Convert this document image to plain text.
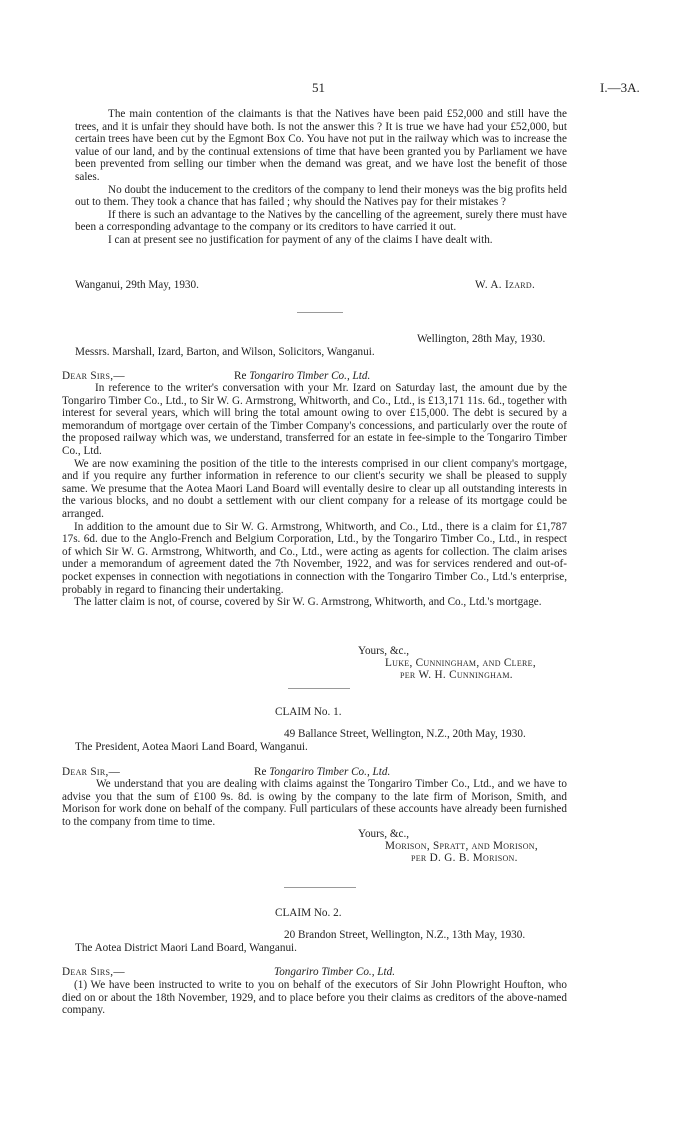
51	I.—3A.

The main contention of the claimants is that the Natives have been paid £52,000 and still have the trees, and it is unfair they should have both. Is not the answer this ? It is true we have had your £52,000, but certain trees have been cut by the Egmont Box Co. You have not put in the railway which was to increase the value of our land, and by the continual extensions of time that have been granted you by Parliament we have been prevented from selling our timber when the demand was great, and we have lost the benefit of those sales.

No doubt the inducement to the creditors of the company to lend their moneys was the big profits held out to them. They took a chance that has failed ; why should the Natives pay for their mistakes ?

If there is such an advantage to the Natives by the cancelling of the agreement, surely there must have been a corresponding advantage to the company or its creditors to have carried it out.

I can at present see no justification for payment of any of the claims I have dealt with.

Wanganui, 29th May, 1930.	W. A. Izard.
Wellington, 28th May, 1930.
Messrs. Marshall, Izard, Barton, and Wilson, Solicitors, Wanganui.
Dear Sirs,—	Re Tongariro Timber Co., Ltd.

In reference to the writer's conversation with your Mr. Izard on Saturday last, the amount due by the Tongariro Timber Co., Ltd., to Sir W. G. Armstrong, Whitworth, and Co., Ltd., is £13,171 11s. 6d., together with interest for several years, which will bring the total amount owing to over £15,000. The debt is secured by a memorandum of mortgage over certain of the Timber Company's concessions, and particularly over the route of the proposed railway which was, we understand, transferred for an estate in fee-simple to the Tongariro Timber Co., Ltd.

We are now examining the position of the title to the interests comprised in our client company's mortgage, and if you require any further information in reference to our client's security we shall be pleased to supply same. We presume that the Aotea Maori Land Board will eventally desire to clear up all outstanding interests in the various blocks, and no doubt a settlement with our client company for a release of its mortgage could be arranged.

In addition to the amount due to Sir W. G. Armstrong, Whitworth, and Co., Ltd., there is a claim for £1,787 17s. 6d. due to the Anglo-French and Belgium Corporation, Ltd., by the Tongariro Timber Co., Ltd., in respect of which Sir W. G. Armstrong, Whitworth, and Co., Ltd., were acting as agents for collection. The claim arises under a memorandum of agreement dated the 7th November, 1922, and was for services rendered and out-of-pocket expenses in connection with negotiations in connection with the Tongariro Timber Co., Ltd.'s enterprise, probably in regard to financing their undertaking.

The latter claim is not, of course, covered by Sir W. G. Armstrong, Whitworth, and Co., Ltd.'s mortgage.

Yours, &c.,
Luke, Cunningham, and Clere,
per W. H. Cunningham.
CLAIM No. 1.
49 Ballance Street, Wellington, N.Z., 20th May, 1930.
The President, Aotea Maori Land Board, Wanganui.
Dear Sir,—	Re Tongariro Timber Co., Ltd.

We understand that you are dealing with claims against the Tongariro Timber Co., Ltd., and we have to advise you that the sum of £100 9s. 8d. is owing by the company to the late firm of Morison, Smith, and Morison for work done on behalf of the company. Full particulars of these accounts have already been furnished to the company from time to time.

Yours, &c.,
Morison, Spratt, and Morison,
per D. G. B. Morison.
CLAIM No. 2.
20 Brandon Street, Wellington, N.Z., 13th May, 1930.
The Aotea District Maori Land Board, Wanganui.
Dear Sirs,—	Tongariro Timber Co., Ltd.

(1) We have been instructed to write to you on behalf of the executors of Sir John Plowright Houfton, who died on or about the 18th November, 1929, and to place before you their claims as creditors of the above-named company.
